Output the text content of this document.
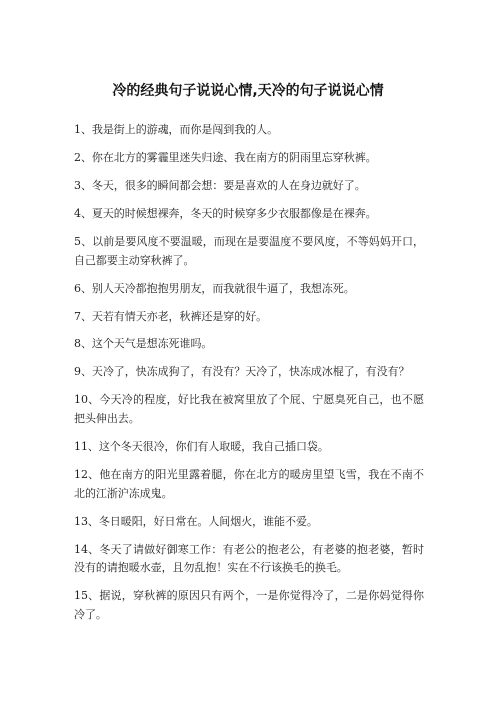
冷的经典句子说说心情,天冷的句子说说心情

1、我是街上的游魂，而你是闯到我的人。

2、你在北方的雾霾里迷失归途、我在南方的阴雨里忘穿秋裤。

3、冬天，很多的瞬间都会想：要是喜欢的人在身边就好了。

4、夏天的时候想裸奔，冬天的时候穿多少衣服都像是在裸奔。

5、以前是要风度不要温暖，而现在是要温度不要风度，不等妈妈开口，自己都要主动穿秋裤了。

6、别人天冷都抱抱男朋友，而我就很牛逼了，我想冻死。

7、天若有情天亦老，秋裤还是穿的好。

8、这个天气是想冻死谁吗。

9、天冷了，快冻成狗了，有没有？天冷了，快冻成冰棍了，有没有？

10、今天冷的程度，好比我在被窝里放了个屁、宁愿臭死自己，也不愿把头伸出去。

11、这个冬天很冷，你们有人取暖，我自己插口袋。

12、他在南方的阳光里露着腿，你在北方的暖房里望飞雪，我在不南不北的江浙沪冻成鬼。

13、冬日暖阳，好日常在。人间烟火，谁能不爱。

14、冬天了请做好御寒工作：有老公的抱老公，有老婆的抱老婆，暂时没有的请抱暖水壶，且勿乱抱！实在不行该换毛的换毛。

15、据说，穿秋裤的原因只有两个，一是你觉得冷了，二是你妈觉得你冷了。
